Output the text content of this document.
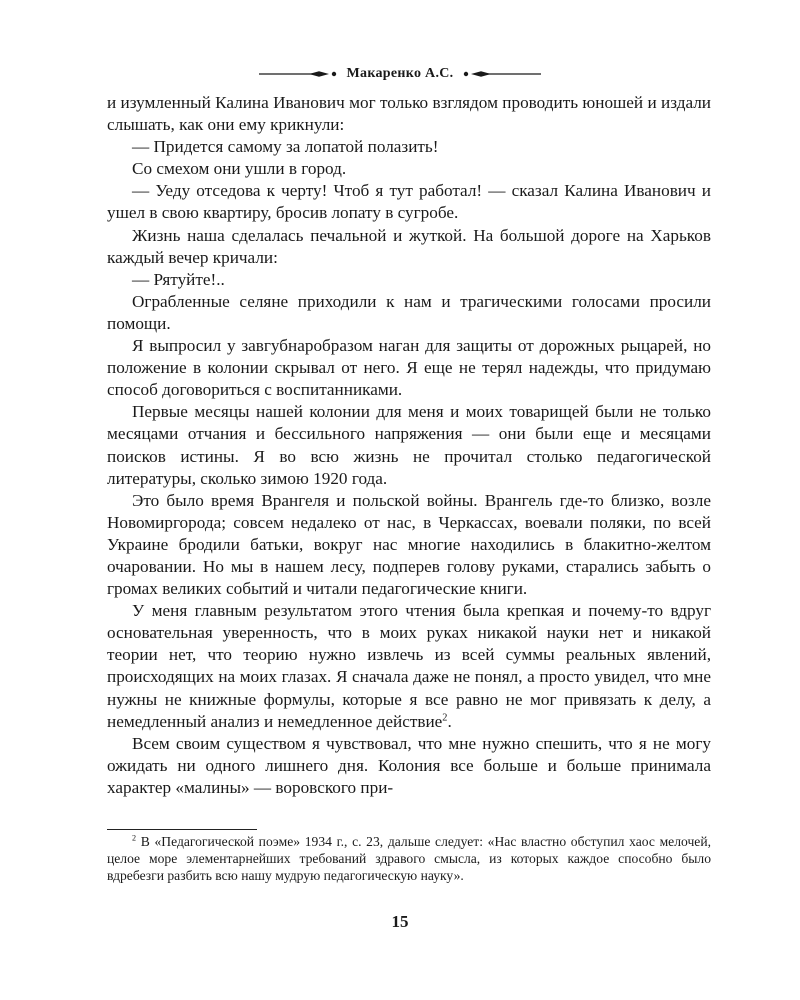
Макаренко А.С.

и изумленный Калина Иванович мог только взглядом проводить юношей и издали слышать, как они ему крикнули:

— Придется самому за лопатой полазить!

Со смехом они ушли в город.

— Уеду отседова к черту! Чтоб я тут работал! — сказал Калина Иванович и ушел в свою квартиру, бросив лопату в сугробе.

Жизнь наша сделалась печальной и жуткой. На большой дороге на Харьков каждый вечер кричали:

— Рятуйте!..

Ограбленные селяне приходили к нам и трагическими голосами просили помощи.

Я выпросил у завгубнаробразом наган для защиты от дорожных рыцарей, но положение в колонии скрывал от него. Я еще не терял надежды, что придумаю способ договориться с воспитанниками.

Первые месяцы нашей колонии для меня и моих товарищей были не только месяцами отчания и бессильного напряжения — они были еще и месяцами поисков истины. Я во всю жизнь не прочитал столько педагогической литературы, сколько зимою 1920 года.

Это было время Врангеля и польской войны. Врангель где-то близко, возле Новомиргорода; совсем недалеко от нас, в Черкассах, воевали поляки, по всей Украине бродили батьки, вокруг нас многие находились в блакитно-желтом очаровании. Но мы в нашем лесу, подперев голову руками, старались забыть о громах великих событий и читали педагогические книги.

У меня главным результатом этого чтения была крепкая и почему-то вдруг основательная уверенность, что в моих руках никакой науки нет и никакой теории нет, что теорию нужно извлечь из всей суммы реальных явлений, происходящих на моих глазах. Я сначала даже не понял, а просто увидел, что мне нужны не книжные формулы, которые я все равно не мог привязать к делу, а немедленный анализ и немедленное действие$^2$.

Всем своим существом я чувствовал, что мне нужно спешить, что я не могу ожидать ни одного лишнего дня. Колония все больше и больше принимала характер «малины» — воровского при-

$^2$ В «Педагогической поэме» 1934 г., с. 23, дальше следует: «Нас властно обступил хаос мелочей, целое море элементарнейших требований здравого смысла, из которых каждое способно было вдребезги разбить всю нашу мудрую педагогическую науку».
15
